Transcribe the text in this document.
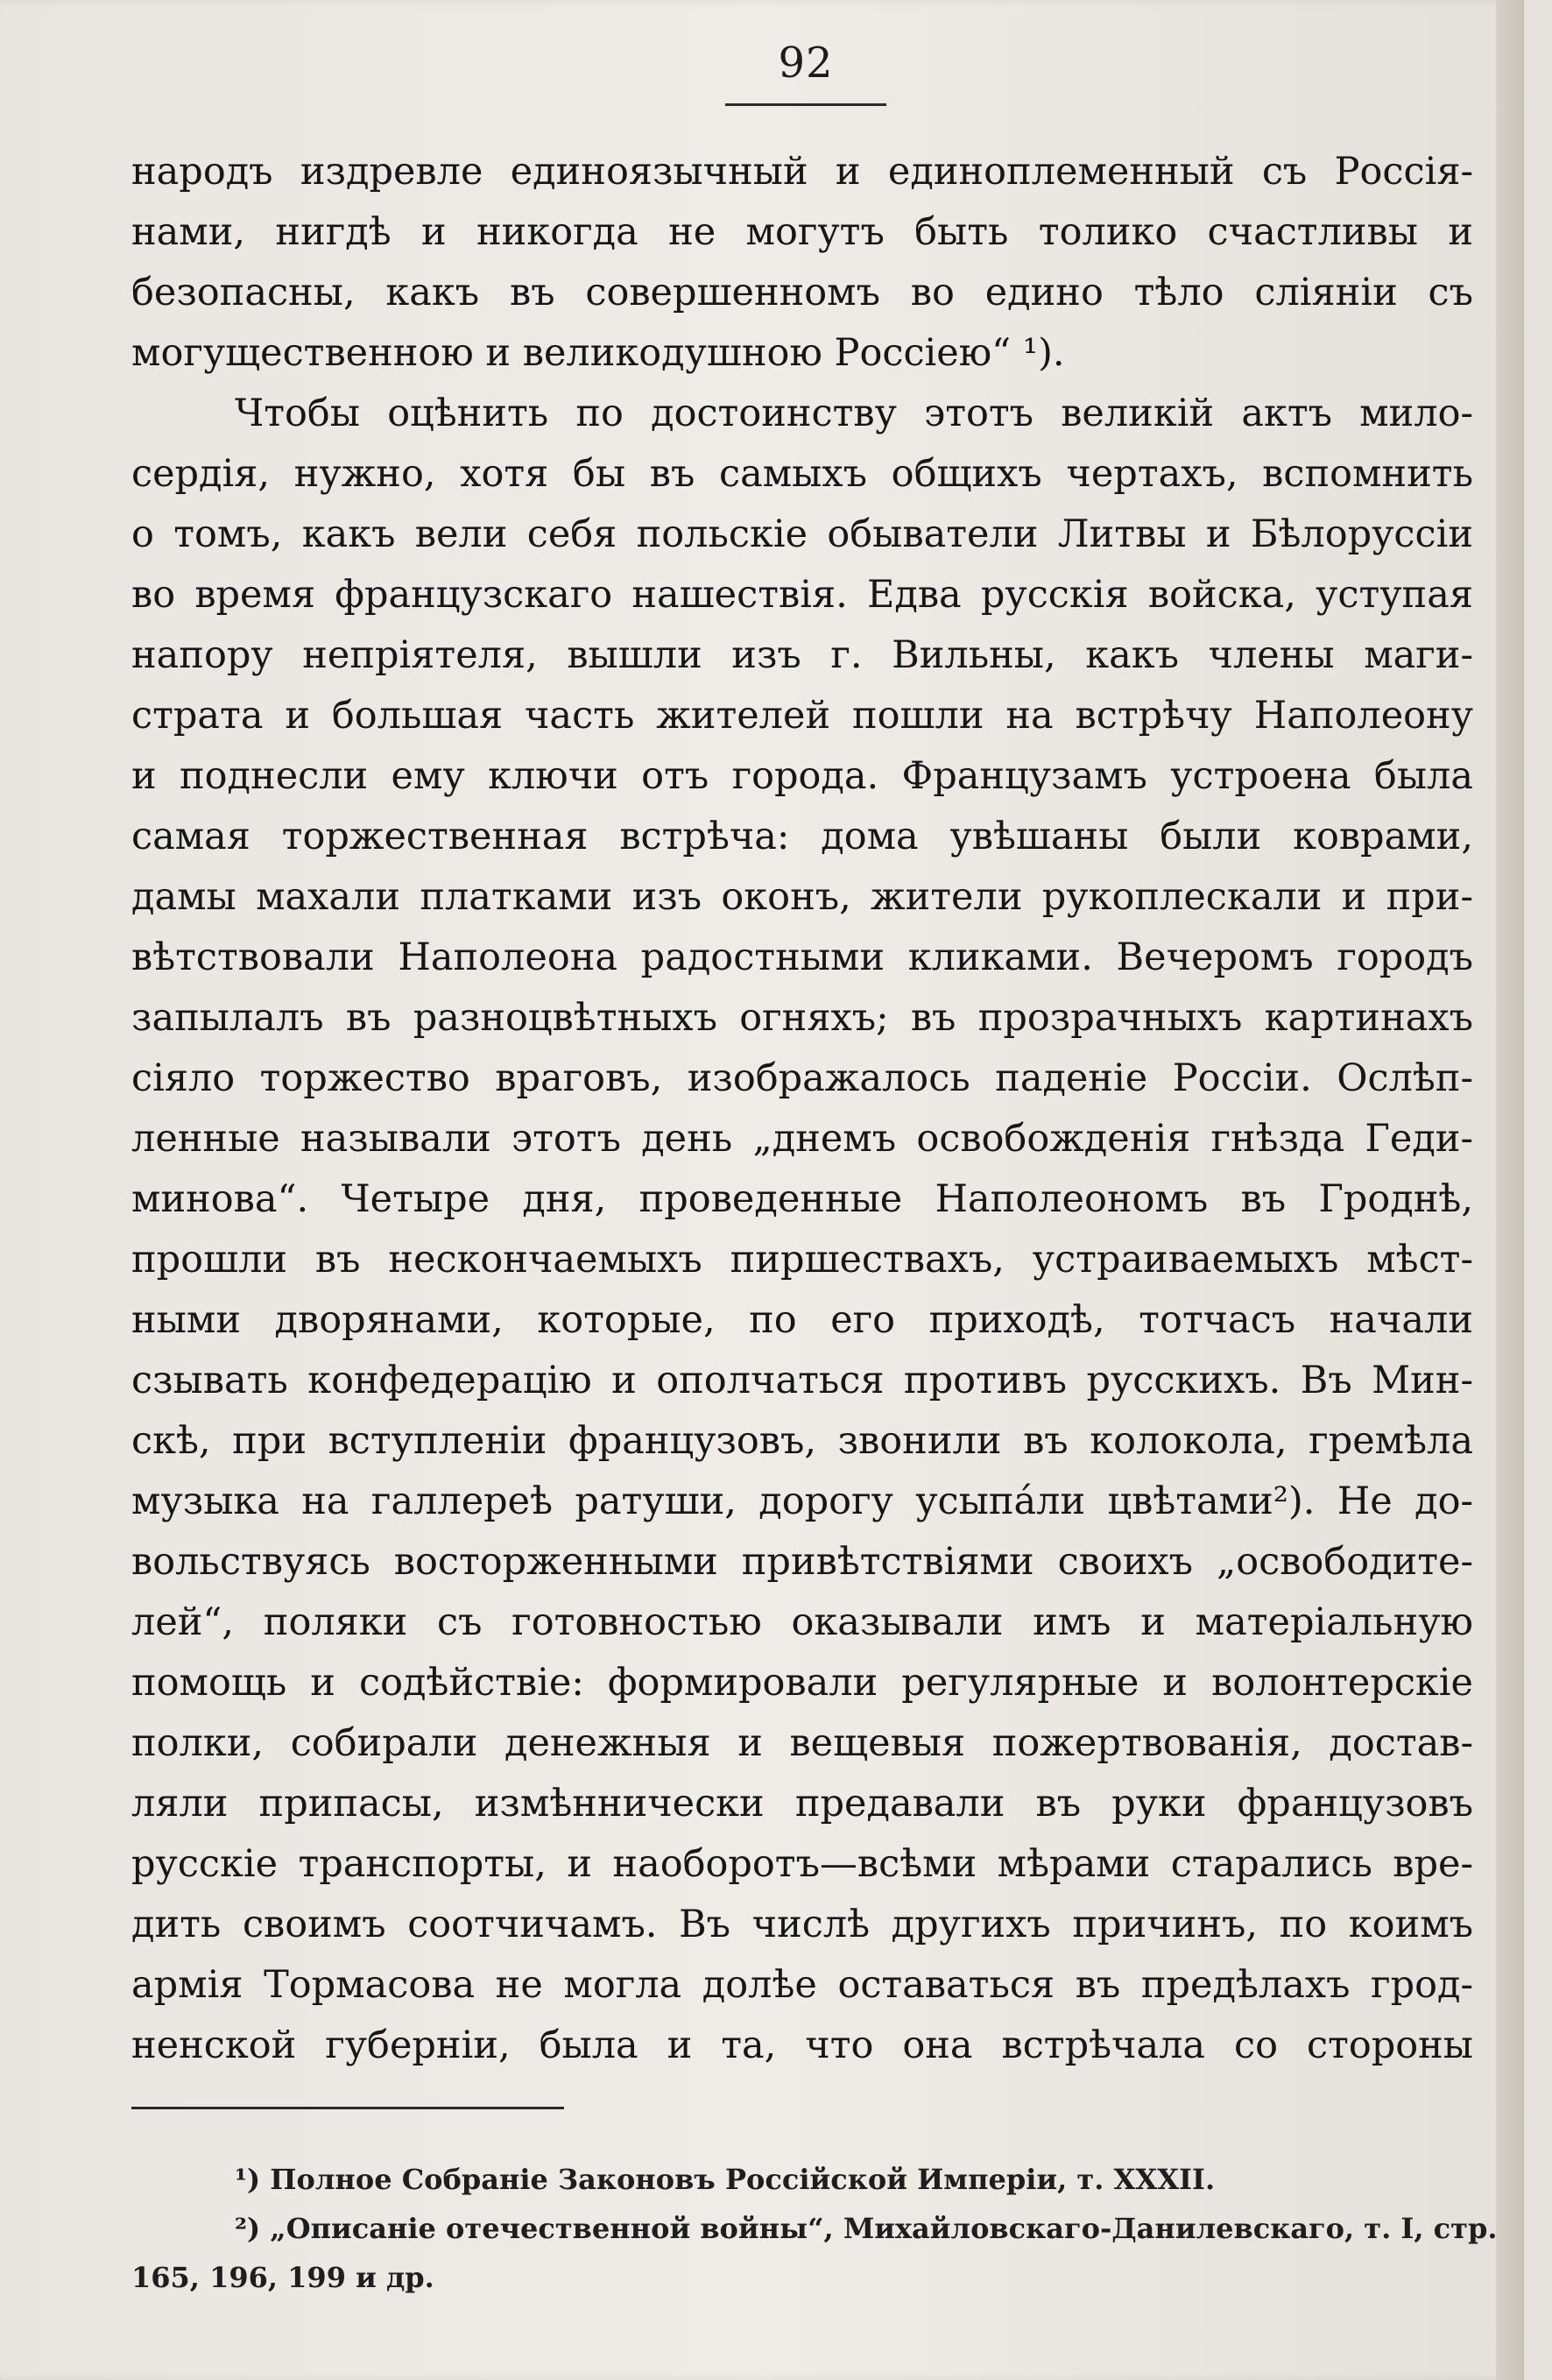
92
народъ издревле единоязычный и единоплеменный съ Россія-
нами, нигдѣ и никогда не могутъ быть толико счастливы и
безопасны, какъ въ совершенномъ во едино тѣло сліяніи съ
могущественною и великодушною Россіею“ ¹).
Чтобы оцѣнить по достоинству этотъ великій актъ мило-
сердія, нужно, хотя бы въ самыхъ общихъ чертахъ, вспомнить
о томъ, какъ вели себя польскіе обыватели Литвы и Бѣлоруссіи
во время французскаго нашествія. Едва русскія войска, уступая
напору непріятеля, вышли изъ г. Вильны, какъ члены маги-
страта и большая часть жителей пошли на встрѣчу Наполеону
и поднесли ему ключи отъ города. Французамъ устроена была
самая торжественная встрѣча: дома увѣшаны были коврами,
дамы махали платками изъ оконъ, жители рукоплескали и при-
вѣтствовали Наполеона радостными кликами. Вечеромъ городъ
запылалъ въ разноцвѣтныхъ огняхъ; въ прозрачныхъ картинахъ
сіяло торжество враговъ, изображалось паденіе Россіи. Ослѣп-
ленные называли этотъ день „днемъ освобожденія гнѣзда Геди-
минова“. Четыре дня, проведенные Наполеономъ въ Гроднѣ,
прошли въ нескончаемыхъ пиршествахъ, устраиваемыхъ мѣст-
ными дворянами, которые, по его приходѣ, тотчасъ начали
сзывать конфедерацію и ополчаться противъ русскихъ. Въ Мин-
скѣ, при вступленіи французовъ, звонили въ колокола, гремѣла
музыка на галлереѣ ратуши, дорогу усыпáли цвѣтами²). Не до-
вольствуясь восторженными привѣтствіями своихъ „освободите-
лей“, поляки съ готовностью оказывали имъ и матеріальную
помощь и содѣйствіе: формировали регулярные и волонтерскіе
полки, собирали денежныя и вещевыя пожертвованія, достав-
ляли припасы, измѣннически предавали въ руки французовъ
русскіе транспорты, и наоборотъ—всѣми мѣрами старались вре-
дить своимъ соотчичамъ. Въ числѣ другихъ причинъ, по коимъ
армія Тормасова не могла долѣе оставаться въ предѣлахъ грод-
ненской губерніи, была и та, что она встрѣчала со стороны
¹) Полное Собраніе Законовъ Россійской Имперіи, т. XXXII.
²) „Описаніе отечественной войны“, Михайловскаго-Данилевскаго, т. I, стр.
165, 196, 199 и др.
